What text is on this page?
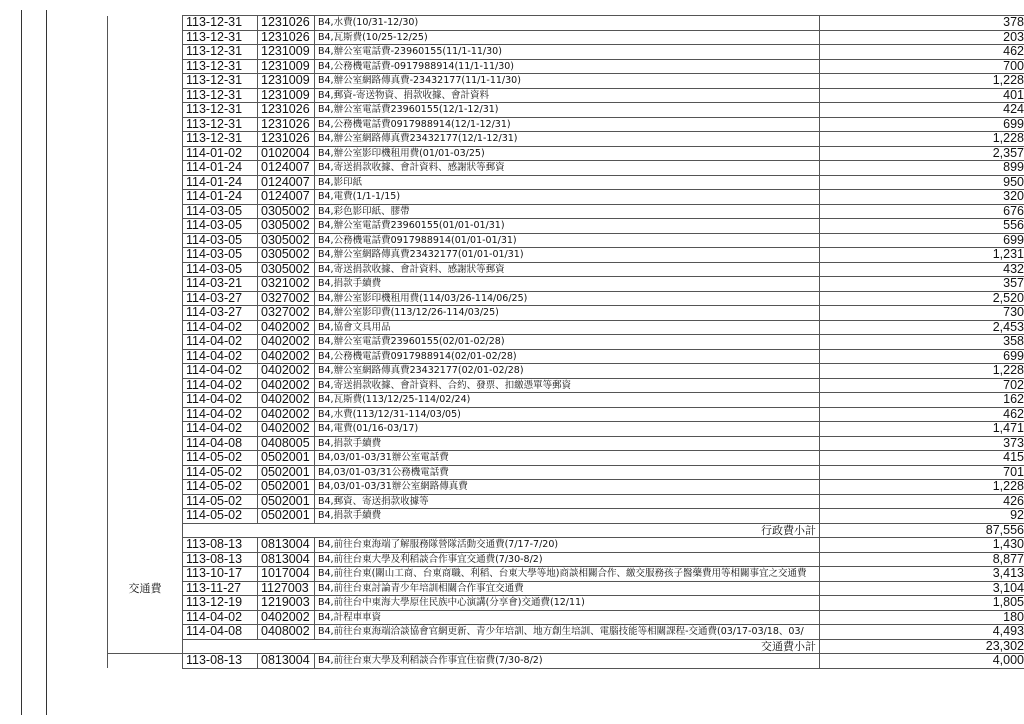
	113-12-31	1231026	B4,水費(10/31-12/30)	378
	113-12-31	1231026	B4,瓦斯費(10/25-12/25)	203
	113-12-31	1231009	B4,辦公室電話費-23960155(11/1-11/30)	462
	113-12-31	1231009	B4,公務機電話費-0917988914(11/1-11/30)	700
	113-12-31	1231009	B4,辦公室網路傳真費-23432177(11/1-11/30)	1,228
	113-12-31	1231009	B4,郵資-寄送物資、捐款收據、會計資料	401
	113-12-31	1231026	B4,辦公室電話費23960155(12/1-12/31)	424
	113-12-31	1231026	B4,公務機電話費0917988914(12/1-12/31)	699
	113-12-31	1231026	B4,辦公室網路傳真費23432177(12/1-12/31)	1,228
	114-01-02	0102004	B4,辦公室影印機租用費(01/01-03/25)	2,357
	114-01-24	0124007	B4,寄送捐款收據、會計資料、感謝狀等郵資	899
	114-01-24	0124007	B4,影印紙	950
	114-01-24	0124007	B4,電費(1/1-1/15)	320
	114-03-05	0305002	B4,彩色影印紙、膠帶	676
	114-03-05	0305002	B4,辦公室電話費23960155(01/01-01/31)	556
	114-03-05	0305002	B4,公務機電話費0917988914(01/01-01/31)	699
	114-03-05	0305002	B4,辦公室網路傳真費23432177(01/01-01/31)	1,231
	114-03-05	0305002	B4,寄送捐款收據、會計資料、感謝狀等郵資	432
	114-03-21	0321002	B4,捐款手續費	357
	114-03-27	0327002	B4,辦公室影印機租用費(114/03/26-114/06/25)	2,520
	114-03-27	0327002	B4,辦公室影印費(113/12/26-114/03/25)	730
	114-04-02	0402002	B4,協會文具用品	2,453
	114-04-02	0402002	B4,辦公室電話費23960155(02/01-02/28)	358
	114-04-02	0402002	B4,公務機電話費0917988914(02/01-02/28)	699
	114-04-02	0402002	B4,辦公室網路傳真費23432177(02/01-02/28)	1,228
	114-04-02	0402002	B4,寄送捐款收據、會計資料、合約、發票、扣繳憑單等郵資	702
	114-04-02	0402002	B4,瓦斯費(113/12/25-114/02/24)	162
	114-04-02	0402002	B4,水費(113/12/31-114/03/05)	462
	114-04-02	0402002	B4,電費(01/16-03/17)	1,471
	114-04-08	0408005	B4,捐款手續費	373
	114-05-02	0502001	B4,03/01-03/31辦公室電話費	415
	114-05-02	0502001	B4,03/01-03/31公務機電話費	701
	114-05-02	0502001	B4,03/01-03/31辦公室網路傳真費	1,228
	114-05-02	0502001	B4,郵資、寄送捐款收據等	426
	114-05-02	0502001	B4,捐款手續費	92
	行政費小計			87,556
交通費	113-08-13	0813004	B4,前往台東海端了解服務隊營隊活動交通費(7/17-7/20)	1,430
	113-08-13	0813004	B4,前往台東大學及利稻談合作事宜交通費(7/30-8/2)	8,877
	113-10-17	1017004	B4,前往台東(關山工商、台東商職、利稻、台東大學等地)商談相關合作、繳交服務孩子醫藥費用等相關事宜之交通費	3,413
	113-11-27	1127003	B4,前往台東討論青少年培訓相關合作事宜交通費	3,104
	113-12-19	1219003	B4,前往台中東海大學原住民族中心演講(分享會)交通費(12/11)	1,805
	114-04-02	0402002	B4,計程車車資	180
	114-04-08	0408002	B4,前往台東海端洽談協會官網更新、青少年培訓、地方創生培訓、電腦技能等相關課程-交通費(03/17-03/18、03/	4,493
	交通費小計			23,302
	113-08-13	0813004	B4,前往台東大學及利稻談合作事宜住宿費(7/30-8/2)	4,000
